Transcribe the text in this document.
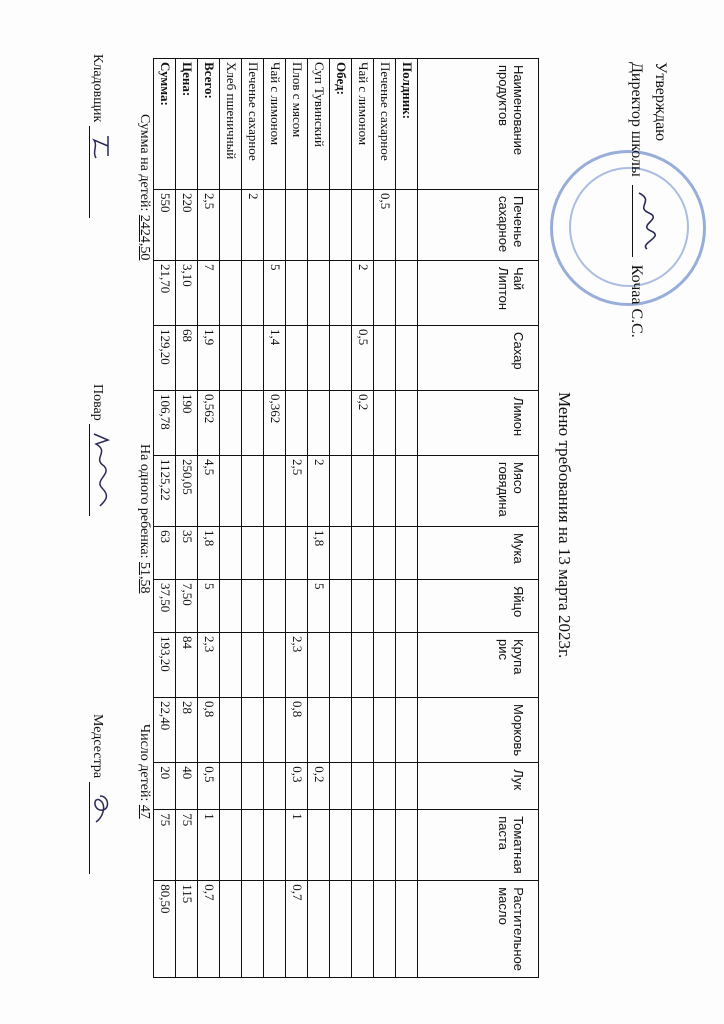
Утверждаю
Директор школы
Кочаа С.С.
Меню требования на 13 марта 2023г.
Наименование продуктов	Печенье сахарное	Чай Липтон	Сахар	Лимон	Мясо говядина	Мука	Яйцо	Крупа рис	Морковь	Лук	Томатная паста	Растительное масло
Полдник:												
Печенье сахарное	0,5											
Чай с лимоном		2	0,5	0,2								
Обед:												
Суп Тувинский					2	1,8	5			0,2		
Плов с мясом					2,5			2,3	0,8	0,3	1	0,7
Чай с лимоном		5	1,4	0,362								
Печенье сахарное	2											
Хлеб пшеничный												
Всего:	2,5	7	1,9	0,562	4,5	1,8	5	2,3	0,8	0,5	1	0,7
Цена:	220	3,10	68	190	250,05	35	7,50	84	28	40	75	115
Сумма:	550	21,70	129,20	106,78	1125,22	63	37,50	193,20	22,40	20	75	80,50
Сумма на детей: 2424,50
На одного ребенка: 51,58
Число детей: 47
Кладовщик
Повар
Медсестра
